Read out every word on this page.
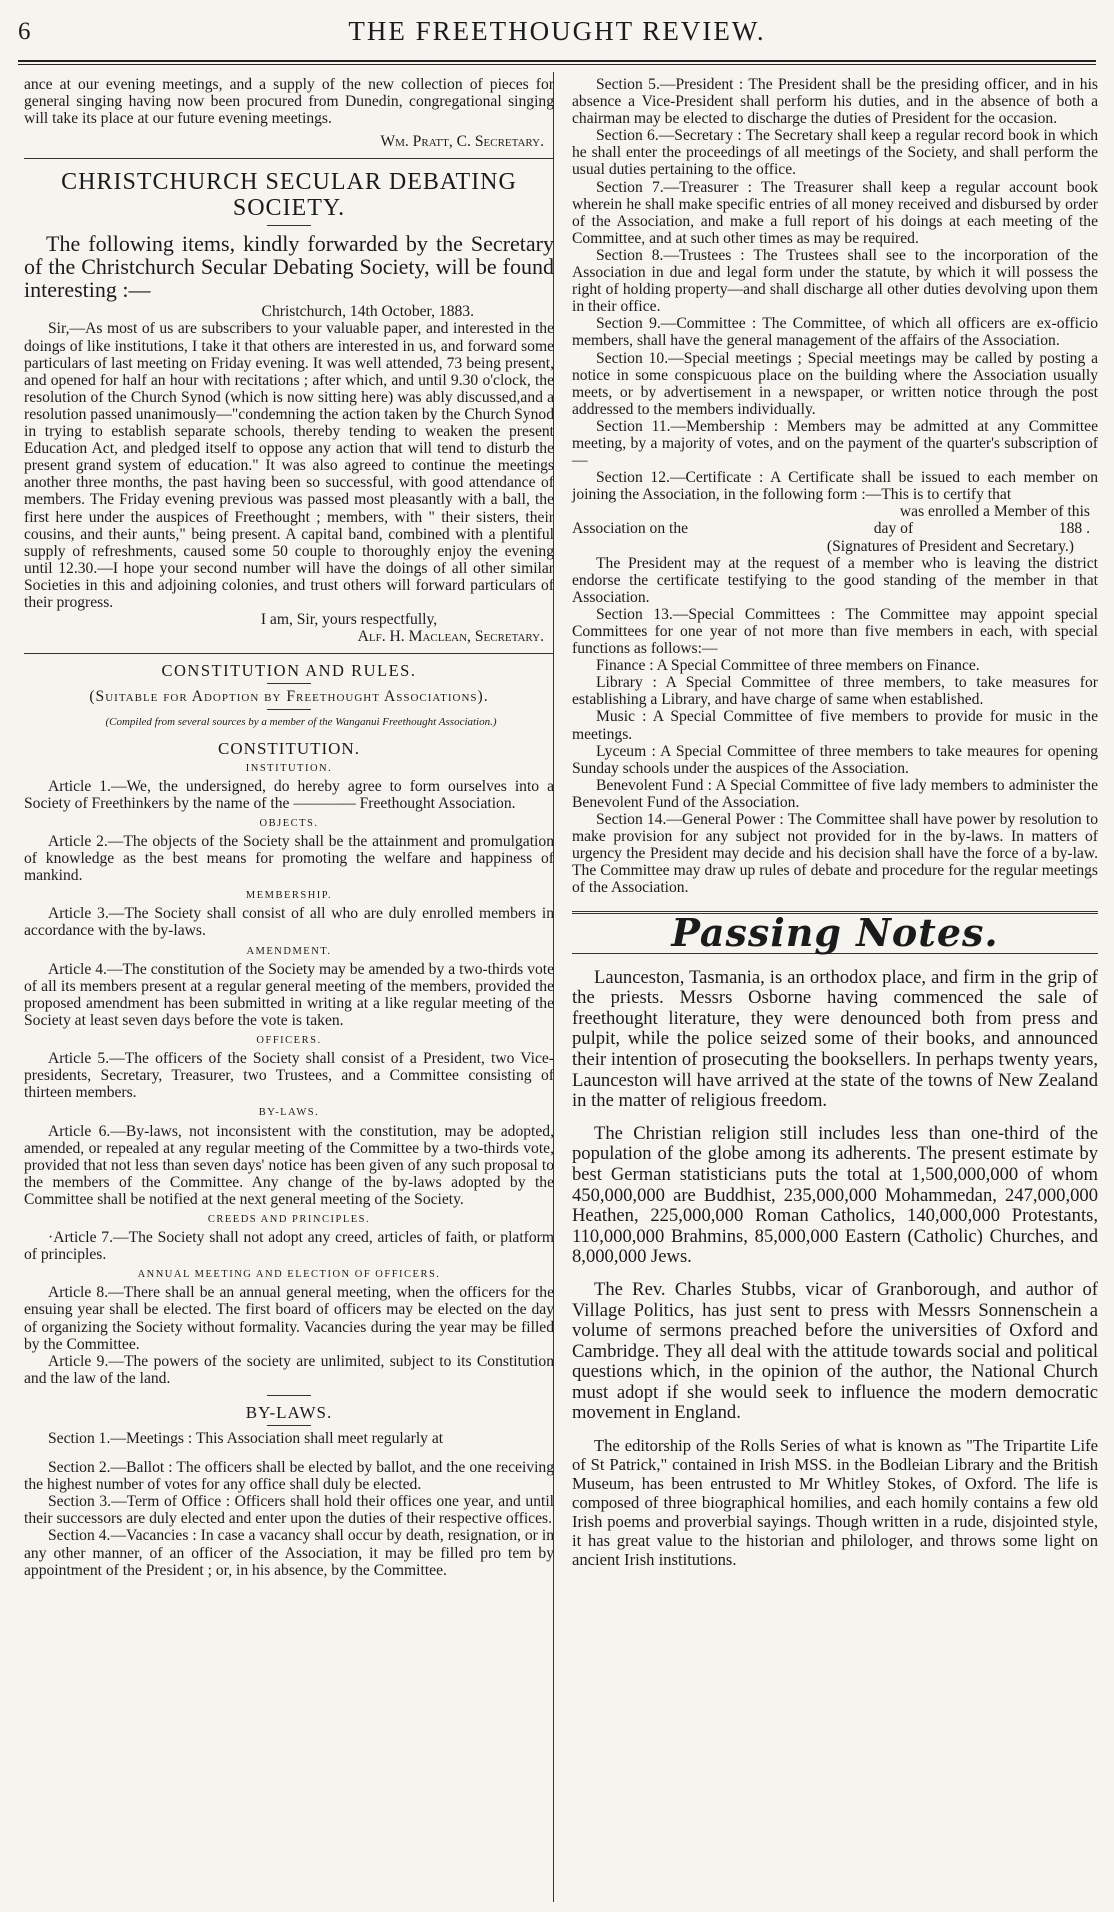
6	THE FREETHOUGHT REVIEW.

ance at our evening meetings, and a supply of the new collection of pieces for general singing having now been procured from Dunedin, congregational singing will take its place at our future evening meetings.

Wm. Pratt, C. Secretary.

CHRISTCHURCH SECULAR DEBATING SOCIETY.

The following items, kindly forwarded by the Secretary of the Christchurch Secular Debating Society, will be found interesting :—

Christchurch, 14th October, 1883.

Sir,—As most of us are subscribers to your valuable paper, and interested in the doings of like institutions, I take it that others are interested in us, and forward some particulars of last meeting on Friday evening. It was well attended, 73 being present, and opened for half an hour with recitations ; after which, and until 9.30 o'clock, the resolution of the Church Synod (which is now sitting here) was ably discussed,and a resolution passed unanimously—"condemning the action taken by the Church Synod in trying to establish separate schools, thereby tending to weaken the present Education Act, and pledged itself to oppose any action that will tend to disturb the present grand system of education." It was also agreed to continue the meetings another three months, the past having been so successful, with good attendance of members. The Friday evening previous was passed most pleasantly with a ball, the first here under the auspices of Freethought ; members, with " their sisters, their cousins, and their aunts," being present. A capital band, combined with a plentiful supply of refreshments, caused some 50 couple to thoroughly enjoy the evening until 12.30.—I hope your second number will have the doings of all other similar Societies in this and adjoining colonies, and trust others will forward particulars of their progress.

I am, Sir, yours respectfully,

Alf. H. Maclean, Secretary.

CONSTITUTION AND RULES.

(Suitable for Adoption by Freethought Associations).

(Compiled from several sources by a member of the Wanganui Freethought Association.)

CONSTITUTION.
INSTITUTION.

Article 1.—We, the undersigned, do hereby agree to form ourselves into a Society of Freethinkers by the name of the ———— Freethought Association.

OBJECTS.

Article 2.—The objects of the Society shall be the attainment and promulgation of knowledge as the best means for promoting the welfare and happiness of mankind.

MEMBERSHIP.

Article 3.—The Society shall consist of all who are duly enrolled members in accordance with the by-laws.

AMENDMENT.

Article 4.—The constitution of the Society may be amended by a two-thirds vote of all its members present at a regular general meeting of the members, provided the proposed amendment has been submitted in writing at a like regular meeting of the Society at least seven days before the vote is taken.

OFFICERS.

Article 5.—The officers of the Society shall consist of a President, two Vice-presidents, Secretary, Treasurer, two Trustees, and a Committee consisting of thirteen members.

BY-LAWS.

Article 6.—By-laws, not inconsistent with the constitution, may be adopted, amended, or repealed at any regular meeting of the Committee by a two-thirds vote, provided that not less than seven days' notice has been given of any such proposal to the members of the Committee. Any change of the by-laws adopted by the Committee shall be notified at the next general meeting of the Society.

CREEDS AND PRINCIPLES.

·Article 7.—The Society shall not adopt any creed, articles of faith, or platform of principles.

ANNUAL MEETING AND ELECTION OF OFFICERS.

Article 8.—There shall be an annual general meeting, when the officers for the ensuing year shall be elected. The first board of officers may be elected on the day of organizing the Society without formality. Vacancies during the year may be filled by the Committee.

Article 9.—The powers of the society are unlimited, subject to its Constitution and the law of the land.

BY-LAWS.

Section 1.—Meetings : This Association shall meet regularly at

Section 2.—Ballot : The officers shall be elected by ballot, and the one receiving the highest number of votes for any office shall duly be elected.

Section 3.—Term of Office : Officers shall hold their offices one year, and until their successors are duly elected and enter upon the duties of their respective offices.

Section 4.—Vacancies : In case a vacancy shall occur by death, resignation, or in any other manner, of an officer of the Association, it may be filled pro tem by appointment of the President ; or, in his absence, by the Committee.

Section 5.—President : The President shall be the presiding officer, and in his absence a Vice-President shall perform his duties, and in the absence of both a chairman may be elected to discharge the duties of President for the occasion.

Section 6.—Secretary : The Secretary shall keep a regular record book in which he shall enter the proceedings of all meetings of the Society, and shall perform the usual duties pertaining to the office.

Section 7.—Treasurer : The Treasurer shall keep a regular account book wherein he shall make specific entries of all money received and disbursed by order of the Association, and make a full report of his doings at each meeting of the Committee, and at such other times as may be required.

Section 8.—Trustees : The Trustees shall see to the incorporation of the Association in due and legal form under the statute, by which it will possess the right of holding property—and shall discharge all other duties devolving upon them in their office.

Section 9.—Committee : The Committee, of which all officers are ex-officio members, shall have the general management of the affairs of the Association.

Section 10.—Special meetings ; Special meetings may be called by posting a notice in some conspicuous place on the building where the Association usually meets, or by advertisement in a newspaper, or written notice through the post addressed to the members individually.

Section 11.—Membership : Members may be admitted at any Committee meeting, by a majority of votes, and on the payment of the quarter's subscription of—

Section 12.—Certificate : A Certificate shall be issued to each member on joining the Association, in the following form :—This is to certify that

was enrolled a Member of this
Association on the	day of	188 .

(Signatures of President and Secretary.)

The President may at the request of a member who is leaving the district endorse the certificate testifying to the good standing of the member in that Association.

Section 13.—Special Committees : The Committee may appoint special Committees for one year of not more than five members in each, with special functions as follows:—

Finance : A Special Committee of three members on Finance.

Library : A Special Committee of three members, to take measures for establishing a Library, and have charge of same when established.

Music : A Special Committee of five members to provide for music in the meetings.

Lyceum : A Special Committee of three members to take meaures for opening Sunday schools under the auspices of the Association.

Benevolent Fund : A Special Committee of five lady members to administer the Benevolent Fund of the Association.

Section 14.—General Power : The Committee shall have power by resolution to make provision for any subject not provided for in the by-laws. In matters of urgency the President may decide and his decision shall have the force of a by-law. The Committee may draw up rules of debate and procedure for the regular meetings of the Association.

Passing Notes.

Launceston, Tasmania, is an orthodox place, and firm in the grip of the priests. Messrs Osborne having commenced the sale of freethought literature, they were denounced both from press and pulpit, while the police seized some of their books, and announced their intention of prosecuting the booksellers. In perhaps twenty years, Launceston will have arrived at the state of the towns of New Zealand in the matter of religious freedom.

The Christian religion still includes less than one-third of the population of the globe among its adherents. The present estimate by best German statisticians puts the total at 1,500,000,000 of whom 450,000,000 are Buddhist, 235,000,000 Mohammedan, 247,000,000 Heathen, 225,000,000 Roman Catholics, 140,000,000 Protestants, 110,000,000 Brahmins, 85,000,000 Eastern (Catholic) Churches, and 8,000,000 Jews.

The Rev. Charles Stubbs, vicar of Granborough, and author of Village Politics, has just sent to press with Messrs Sonnenschein a volume of sermons preached before the universities of Oxford and Cambridge. They all deal with the attitude towards social and political questions which, in the opinion of the author, the National Church must adopt if she would seek to influence the modern democratic movement in England.

The editorship of the Rolls Series of what is known as "The Tripartite Life of St Patrick," contained in Irish MSS. in the Bodleian Library and the British Museum, has been entrusted to Mr Whitley Stokes, of Oxford. The life is composed of three biographical homilies, and each homily contains a few old Irish poems and proverbial sayings. Though written in a rude, disjointed style, it has great value to the historian and philologer, and throws some light on ancient Irish institutions.
